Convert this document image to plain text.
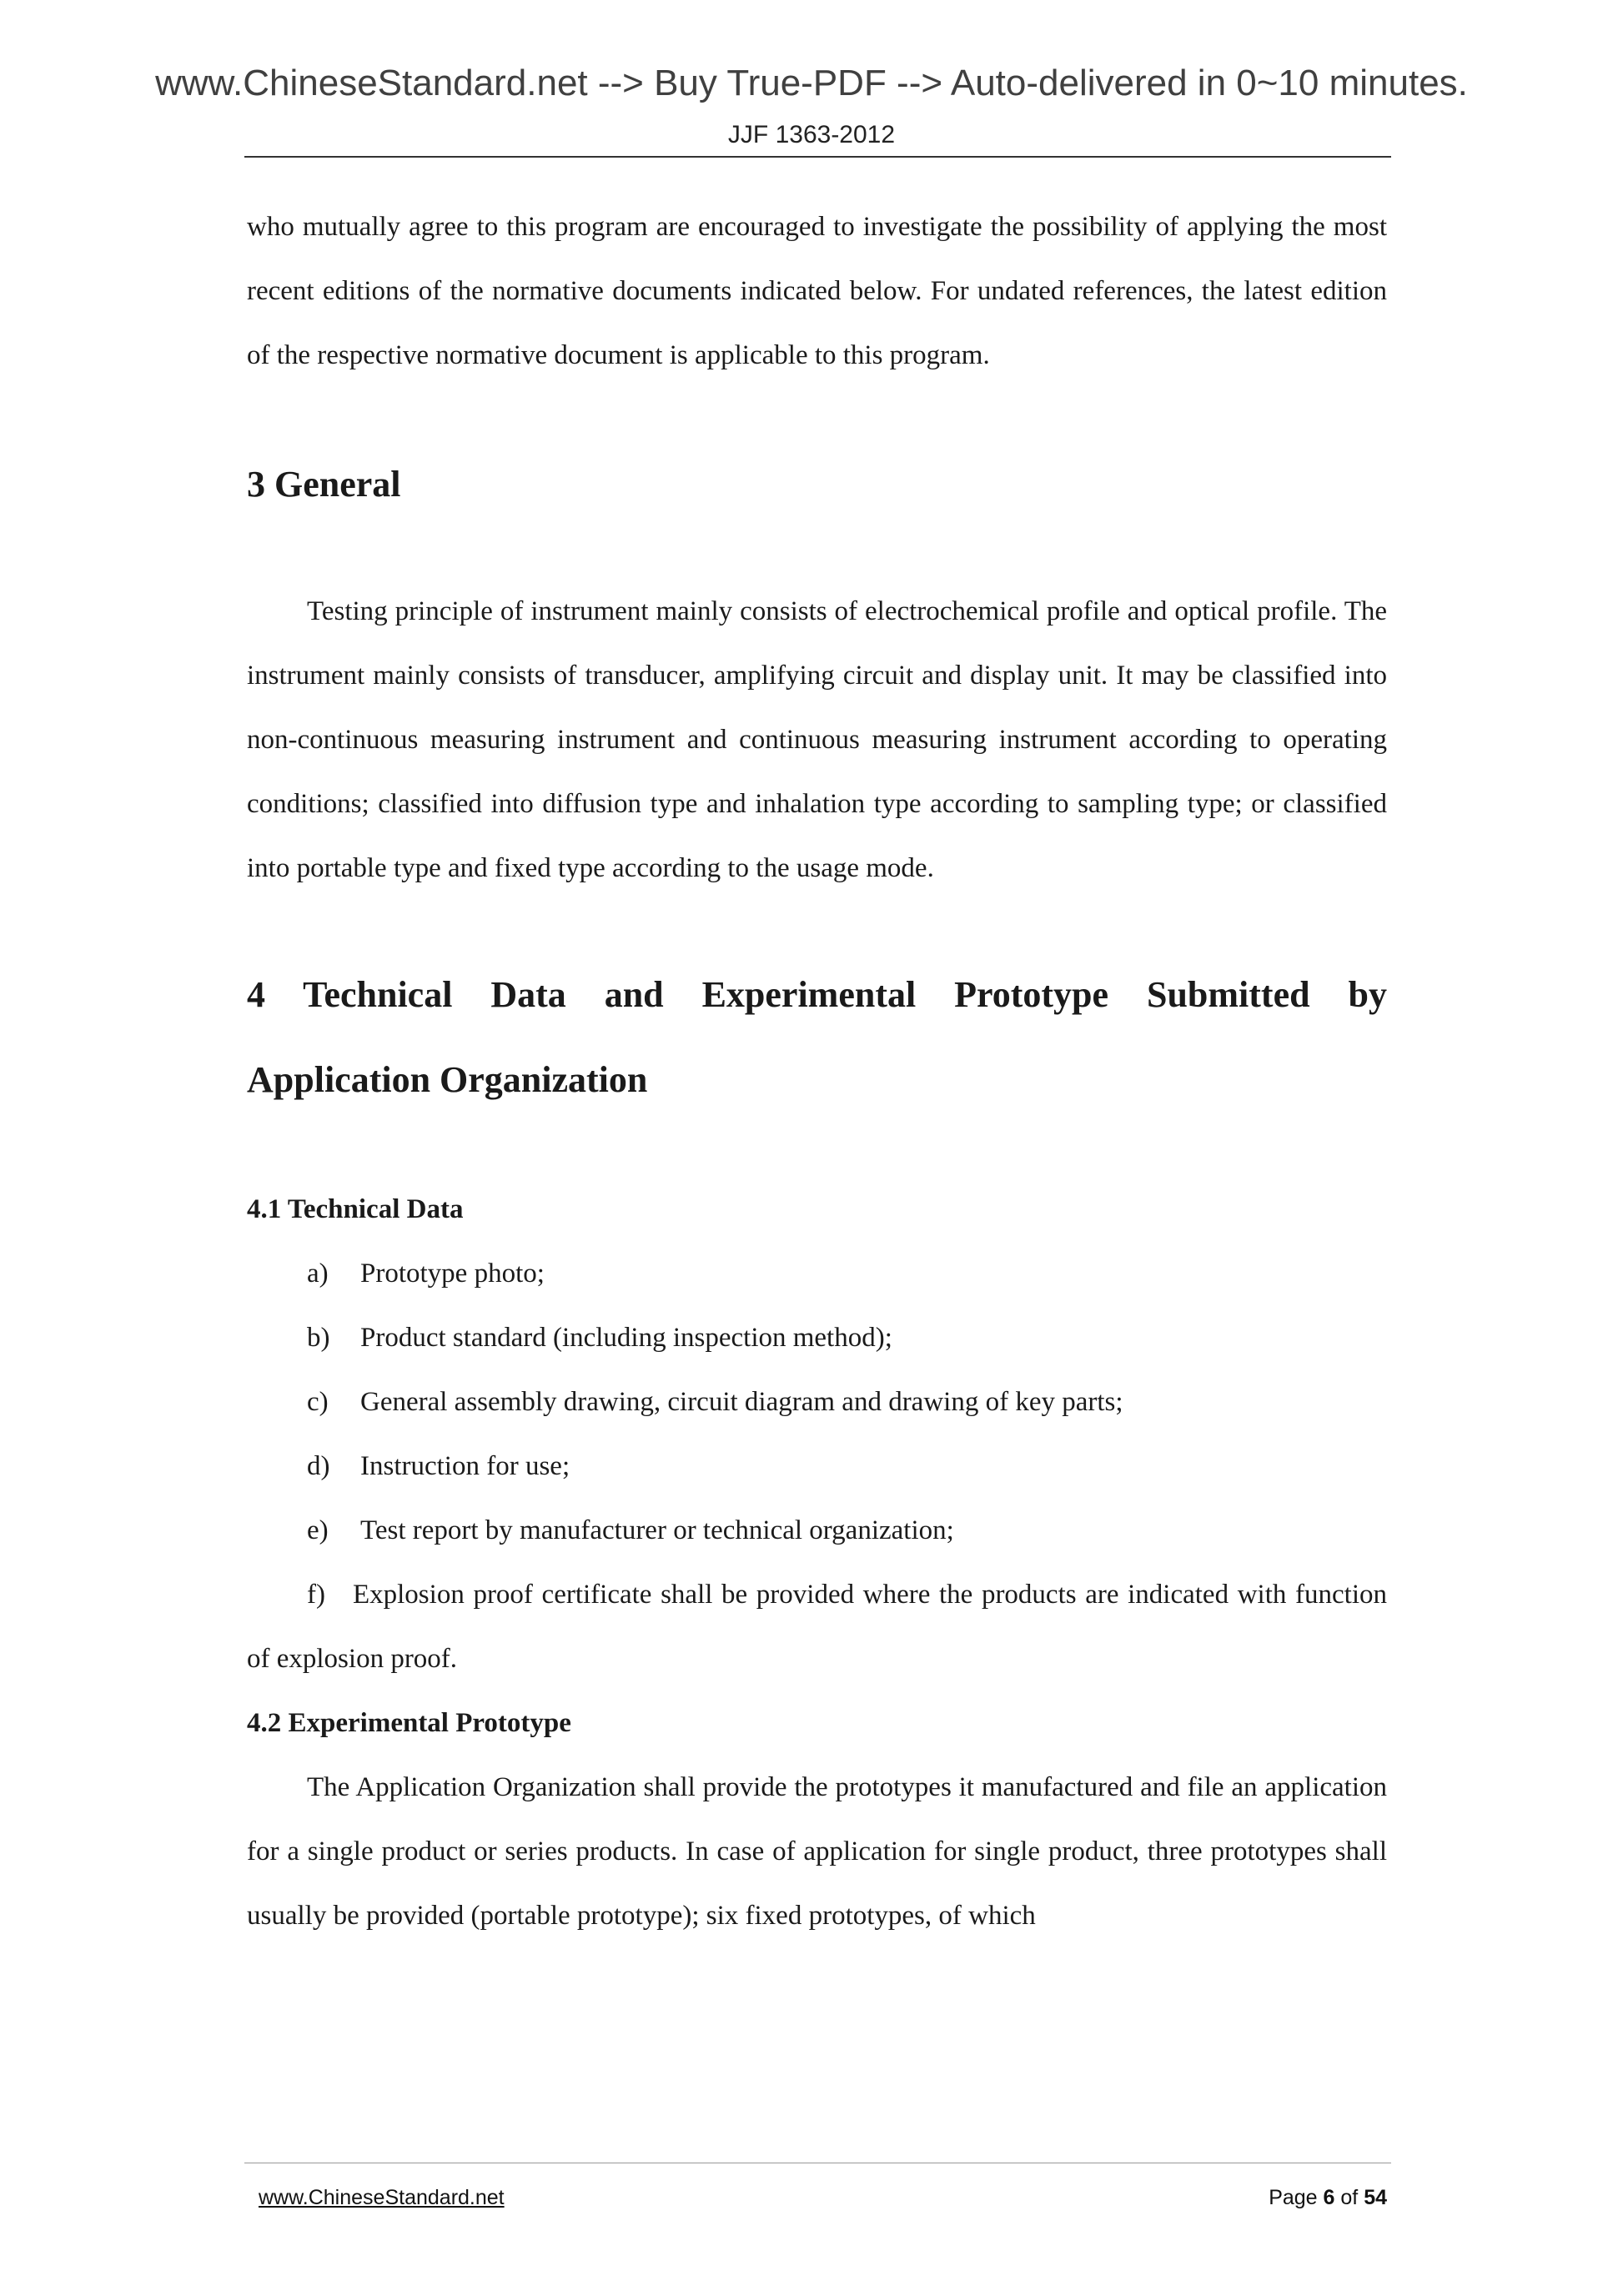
www.ChineseStandard.net --> Buy True-PDF --> Auto-delivered in 0~10 minutes.
JJF 1363-2012

who mutually agree to this program are encouraged to investigate the possibility of applying the most recent editions of the normative documents indicated below. For undated references, the latest edition of the respective normative document is applicable to this program.

3 General

Testing principle of instrument mainly consists of electrochemical profile and optical profile. The instrument mainly consists of transducer, amplifying circuit and display unit. It may be classified into non-continuous measuring instrument and continuous measuring instrument according to operating conditions; classified into diffusion type and inhalation type according to sampling type; or classified into portable type and fixed type according to the usage mode.

4 Technical Data and Experimental Prototype Submitted by
Application Organization
4.1 Technical Data
a) Prototype photo;
b) Product standard (including inspection method);
c) General assembly drawing, circuit diagram and drawing of key parts;
d) Instruction for use;
e) Test report by manufacturer or technical organization;

f)  Explosion proof certificate shall be provided where the products are indicated with function of explosion proof.

4.2 Experimental Prototype

The Application Organization shall provide the prototypes it manufactured and file an application for a single product or series products. In case of application for single product, three prototypes shall usually be provided (portable prototype); six fixed prototypes, of which

www.ChineseStandard.net	Page 6 of 54
